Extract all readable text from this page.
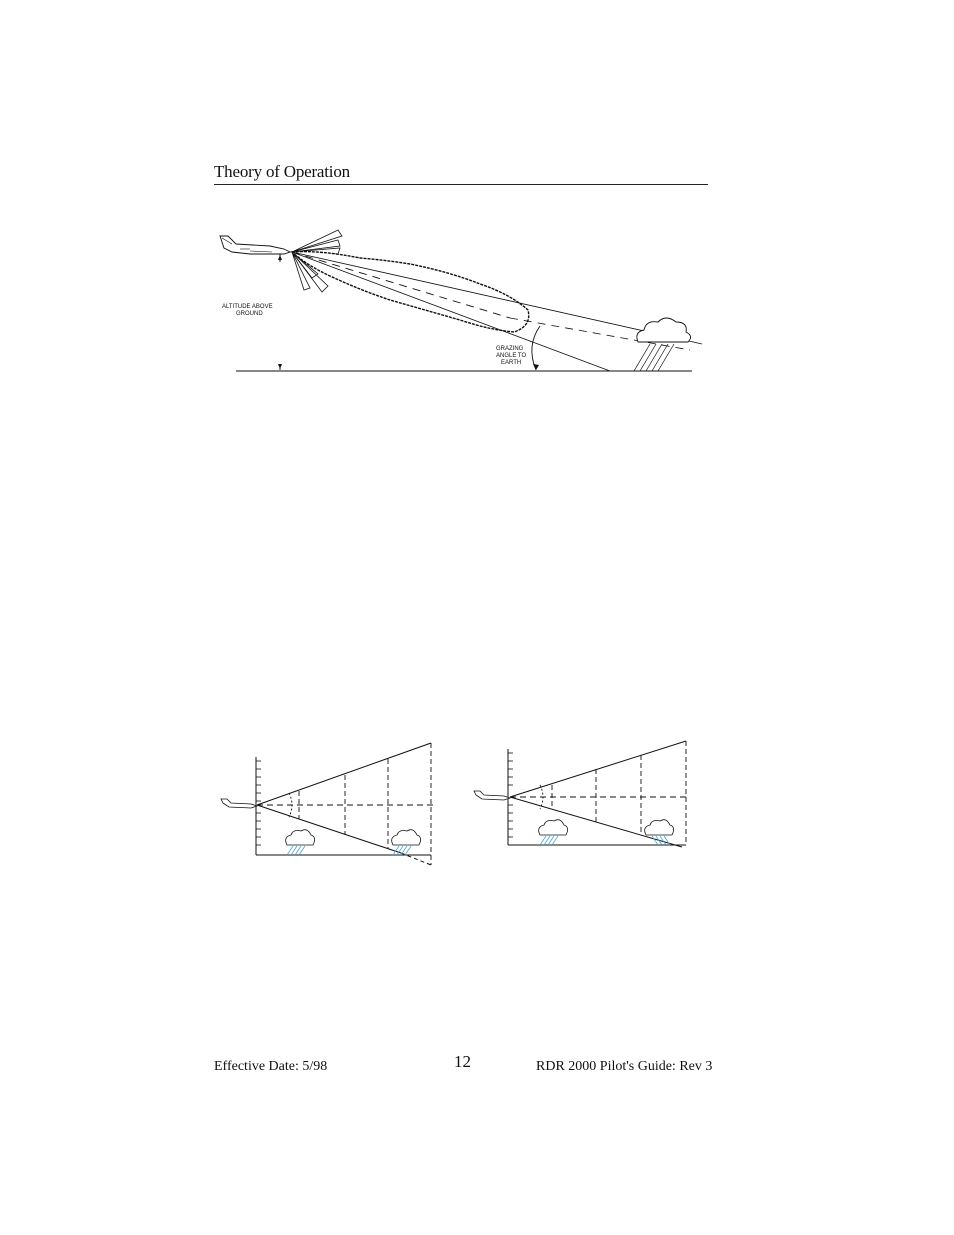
Theory of Operation
ALTITUDE ABOVE
GROUND
GRAZING
ANGLE TO
EARTH
Effective Date: 5/98	12	RDR 2000 Pilot's Guide: Rev 3
